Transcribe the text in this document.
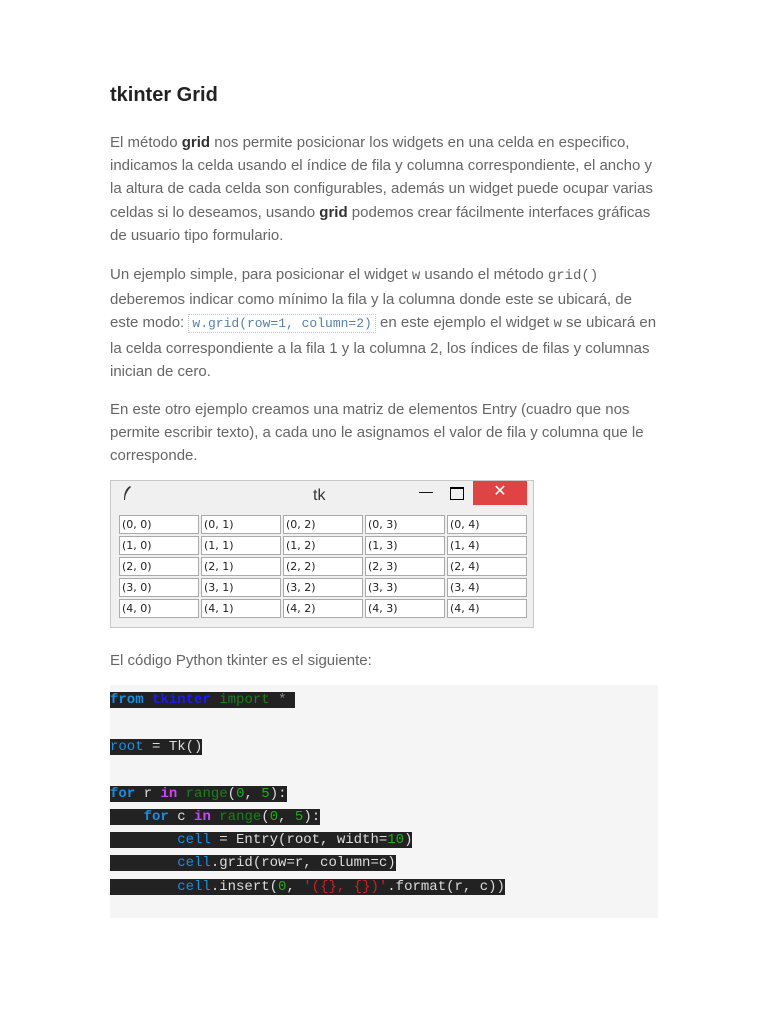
tkinter Grid

El método grid nos permite posicionar los widgets en una celda en especifico, indicamos la celda usando el índice de fila y columna correspondiente, el ancho y la altura de cada celda son configurables, además un widget puede ocupar varias celdas si lo deseamos, usando grid podemos crear fácilmente interfaces gráficas de usuario tipo formulario.

Un ejemplo simple, para posicionar el widget w usando el método grid() deberemos indicar como mínimo la fila y la columna donde este se ubicará, de este modo: w.grid(row=1, column=2) en este ejemplo el widget w se ubicará en la celda correspondiente a la fila 1 y la columna 2, los índices de filas y columnas inician de cero.

En este otro ejemplo creamos una matriz de elementos Entry (cuadro que nos permite escribir texto), a cada uno le asignamos el valor de fila y columna que le corresponde.

tk	—	✕
(0, 0)	(0, 1)	(0, 2)	(0, 3)	(0, 4)
(1, 0)	(1, 1)	(1, 2)	(1, 3)	(1, 4)
(2, 0)	(2, 1)	(2, 2)	(2, 3)	(2, 4)
(3, 0)	(3, 1)	(3, 2)	(3, 3)	(3, 4)
(4, 0)	(4, 1)	(4, 2)	(4, 3)	(4, 4)

El código Python tkinter es el siguiente:

from tkinter import *
root = Tk()
for r in range(0, 5):
for c in range(0, 5):
cell = Entry(root, width=10)
cell.grid(row=r, column=c)
cell.insert(0, '({}, {})'.format(r, c))
